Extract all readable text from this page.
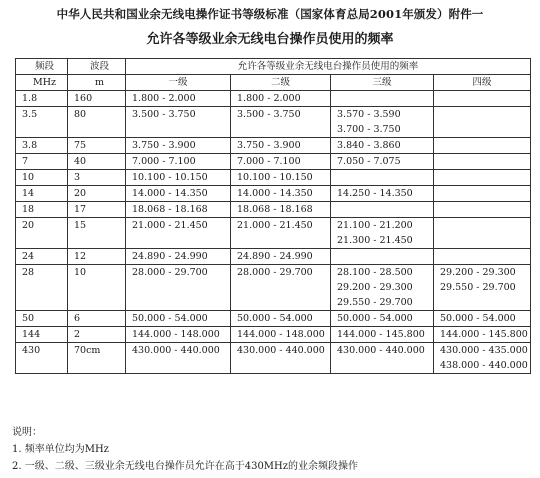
中华人民共和国业余无线电操作证书等级标准（国家体育总局2001年颁发）附件一
允许各等级业余无线电台操作员使用的频率
频段	波段	允许各等级业余无线电台操作员使用的频率			
MHz	m	一级	二级	三级	四级
1.8	160	1.800 - 2.000	1.800 - 2.000		

3.5	80	3.500 - 3.750	3.500 - 3.750	3.570 - 3.590
3.700 - 3.750	

3.8	75	3.750 - 3.900	3.750 - 3.900	3.840 - 3.860	

7	40	7.000 - 7.100	7.000 - 7.100	7.050 - 7.075	

10	3	10.100 - 10.150	10.100 - 10.150		

14	20	14.000 - 14.350	14.000 - 14.350	14.250 - 14.350	

18	17	18.068 - 18.168	18.068 - 18.168		

20	15	21.000 - 21.450	21.000 - 21.450	21.100 - 21.200
21.300 - 21.450	

24	12	24.890 - 24.990	24.890 - 24.990		

28	10	28.000 - 29.700	28.000 - 29.700	28.100 - 28.500
29.200 - 29.300
29.550 - 29.700	29.200 - 29.300
29.550 - 29.700

50	6	50.000 - 54.000	50.000 - 54.000	50.000 - 54.000	50.000 - 54.000

144	2	144.000 - 148.000	144.000 - 148.000	144.000 - 145.800	144.000 - 145.800

430	70cm	430.000 - 440.000	430.000 - 440.000	430.000 - 440.000	430.000 - 435.000
438.000 - 440.000
说明：
1. 频率单位均为MHz
2. 一级、二级、三级业余无线电台操作员允许在高于430MHz的业余频段操作
